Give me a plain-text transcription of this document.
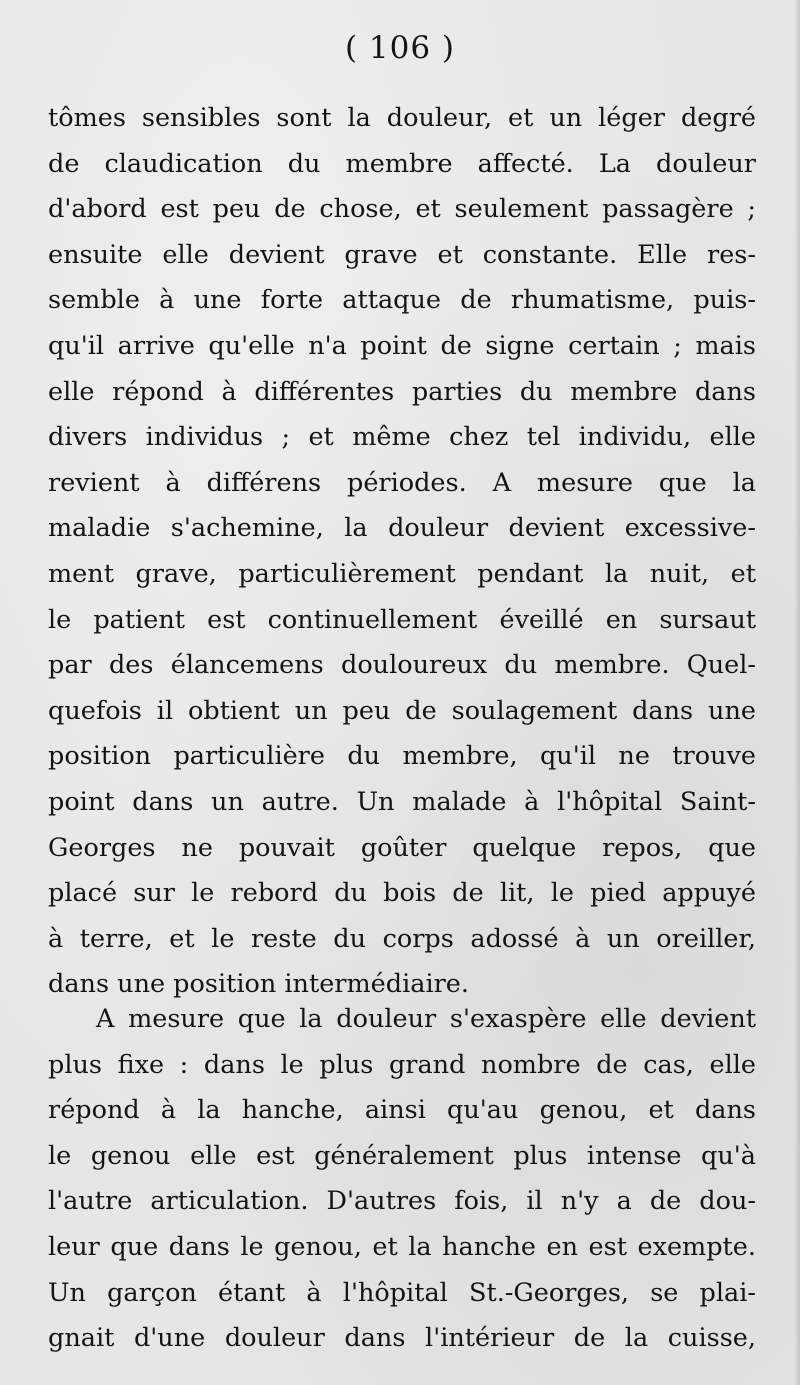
( 106 )
tômes sensibles sont la douleur, et un léger degré
de claudication du membre affecté. La douleur
d'abord est peu de chose, et seulement passagère ;
ensuite elle devient grave et constante. Elle res-
semble à une forte attaque de rhumatisme, puis-
qu'il arrive qu'elle n'a point de signe certain ; mais
elle répond à différentes parties du membre dans
divers individus ; et même chez tel individu, elle
revient à différens périodes. A mesure que la
maladie s'achemine, la douleur devient excessive-
ment grave, particulièrement pendant la nuit, et
le patient est continuellement éveillé en sursaut
par des élancemens douloureux du membre. Quel-
quefois il obtient un peu de soulagement dans une
position particulière du membre, qu'il ne trouve
point dans un autre. Un malade à l'hôpital Saint-
Georges ne pouvait goûter quelque repos, que
placé sur le rebord du bois de lit, le pied appuyé
à terre, et le reste du corps adossé à un oreiller,
dans une position intermédiaire.
A mesure que la douleur s'exaspère elle devient
plus fixe : dans le plus grand nombre de cas, elle
répond à la hanche, ainsi qu'au genou, et dans
le genou elle est généralement plus intense qu'à
l'autre articulation. D'autres fois, il n'y a de dou-
leur que dans le genou, et la hanche en est exempte.
Un garçon étant à l'hôpital St.-Georges, se plai-
gnait d'une douleur dans l'intérieur de la cuisse,
